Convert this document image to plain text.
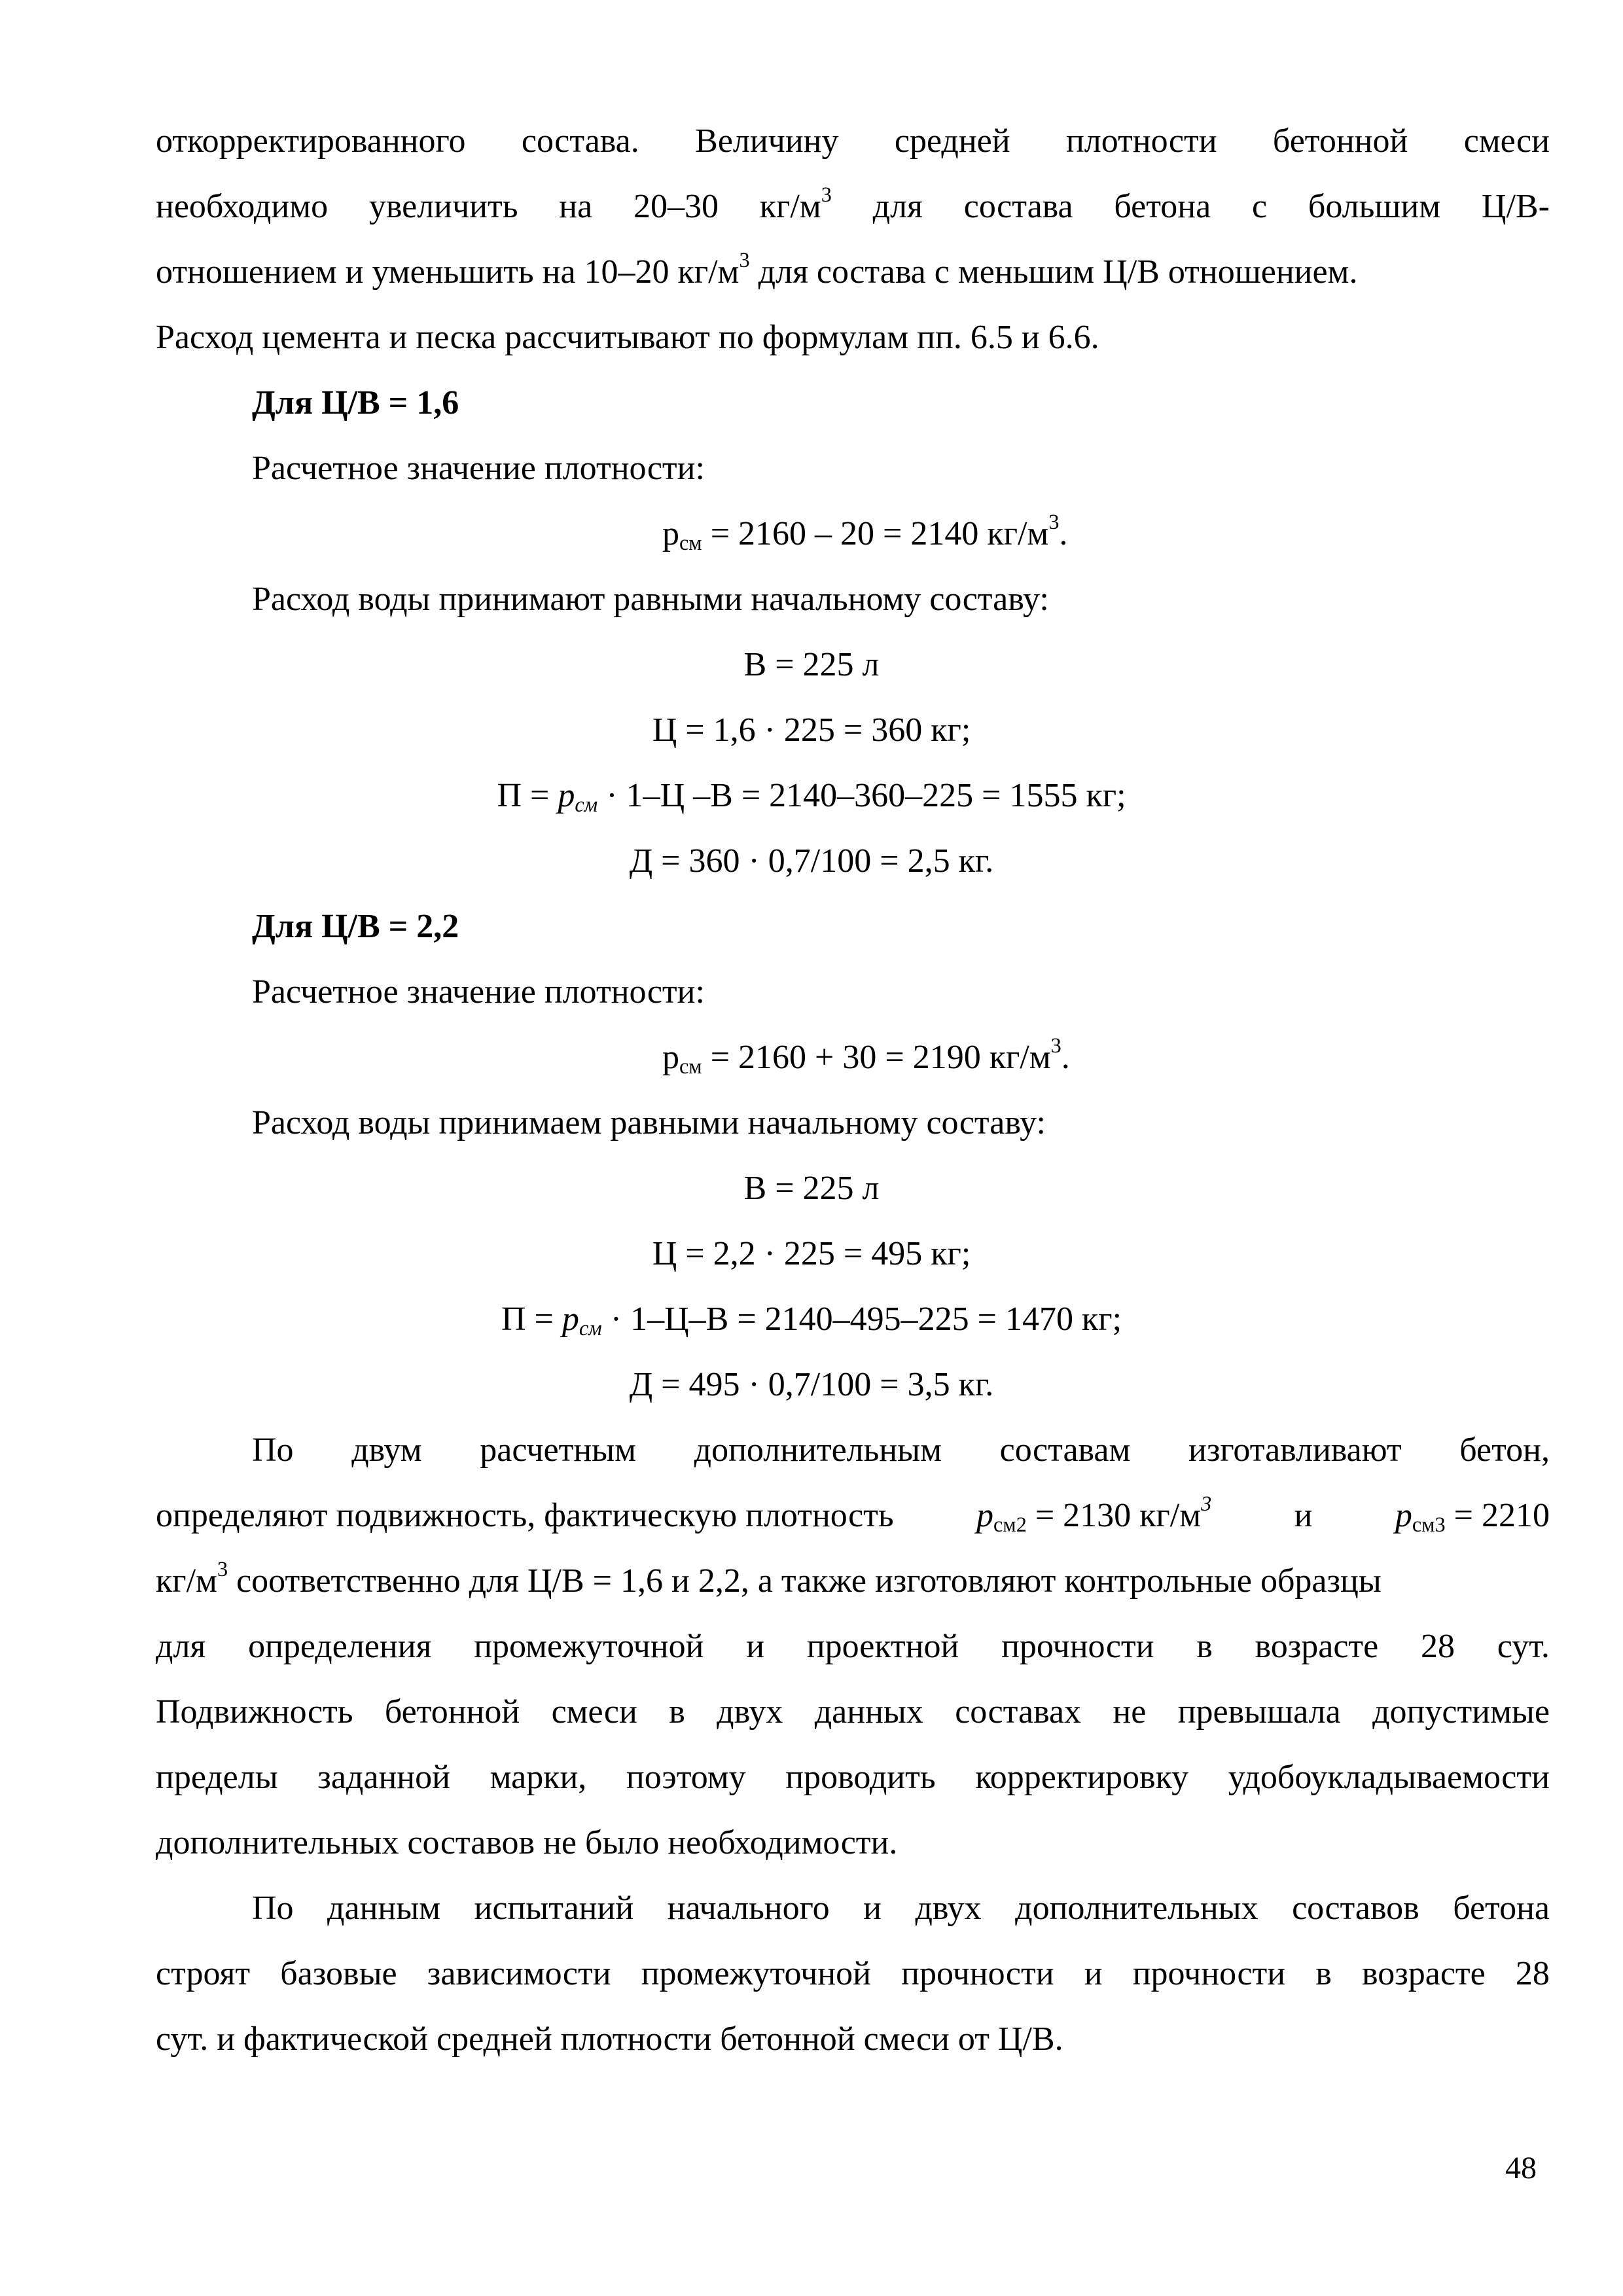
откорректированного состава. Величину средней плотности бетонной смеси
необходимо увеличить на 20–30 $кг/м^3$ для состава бетона с большим Ц/В-
отношением и уменьшить на 10–20 $кг/м^3$ для состава с меньшим Ц/В отношением.
Расход цемента и песка рассчитывают по формулам пп. 6.5 и 6.6.
Для Ц/В = 1,6
Расчетное значение плотности:
$р_{см} = 2160 - 20 = 2140$ $кг/м^3$.
Расход воды принимают равными начальному составу:
В = 225 л
Ц = 1,6 · 225 = 360 кг;
$П = р_{см} \cdot 1-Ц$ –В = 2140–360–225 = 1555 кг;
Д = 360 · 0,7/100 = 2,5 кг.
Для Ц/В = 2,2
Расчетное значение плотности:
$р_{см} = 2160 + 30 = 2190$ $кг/м^3$.
Расход воды принимаем равными начальному составу:
В = 225 л
Ц = 2,2 · 225 = 495 кг;
$П = р_{см} \cdot 1-Ц-В = 2140-495-225 = 1470$ кг;
Д = 495 · 0,7/100 = 3,5 кг.
По двум расчетным дополнительным составам изготавливают бетон,
определяют подвижность, фактическую плотность $р_{см2} = 2130$ $кг/м^3$ и $р_{см3} = 2210$
$кг/м^3$ соответственно для Ц/В = 1,6 и 2,2, а также изготовляют контрольные образцы
для определения промежуточной и проектной прочности в возрасте 28 сут.
Подвижность бетонной смеси в двух данных составах не превышала допустимые
пределы заданной марки, поэтому проводить корректировку удобоукладываемости
дополнительных составов не было необходимости.
По данным испытаний начального и двух дополнительных составов бетона
строят базовые зависимости промежуточной прочности и прочности в возрасте 28
сут. и фактической средней плотности бетонной смеси от Ц/В.
48
